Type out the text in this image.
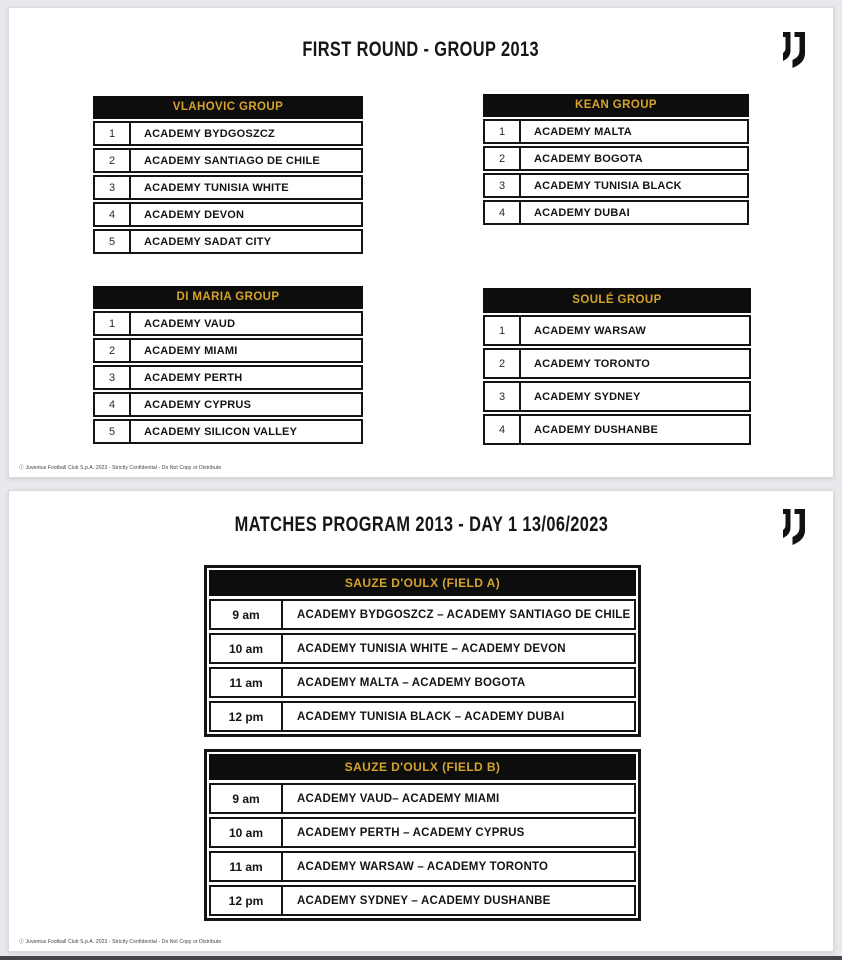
FIRST ROUND - GROUP 2013
VLAHOVIC GROUP
1	ACADEMY BYDGOSZCZ
2	ACADEMY SANTIAGO DE CHILE
3	ACADEMY TUNISIA WHITE
4	ACADEMY DEVON
5	ACADEMY SADAT CITY
KEAN GROUP
1	ACADEMY MALTA
2	ACADEMY BOGOTA
3	ACADEMY TUNISIA BLACK
4	ACADEMY DUBAI
DI MARIA GROUP
1	ACADEMY VAUD
2	ACADEMY MIAMI
3	ACADEMY PERTH
4	ACADEMY CYPRUS
5	ACADEMY SILICON VALLEY
SOULÉ GROUP
1	ACADEMY WARSAW
2	ACADEMY TORONTO
3	ACADEMY SYDNEY
4	ACADEMY DUSHANBE
Ⓙ Juventus Football Club S.p.A. 2023 - Strictly Confidential - Do Not Copy or Distribute
MATCHES PROGRAM 2013 - DAY 1 13/06/2023
SAUZE D'OULX (FIELD A)
9 am	ACADEMY BYDGOSZCZ – ACADEMY SANTIAGO DE CHILE
10 am	ACADEMY TUNISIA WHITE – ACADEMY DEVON
11 am	ACADEMY MALTA – ACADEMY BOGOTA
12 pm	ACADEMY TUNISIA BLACK – ACADEMY DUBAI
SAUZE D'OULX (FIELD B)
9 am	ACADEMY VAUD– ACADEMY MIAMI
10 am	ACADEMY PERTH – ACADEMY CYPRUS
11 am	ACADEMY WARSAW – ACADEMY TORONTO
12 pm	ACADEMY SYDNEY – ACADEMY DUSHANBE
Ⓙ Juventus Football Club S.p.A. 2023 - Strictly Confidential - Do Not Copy or Distribute
